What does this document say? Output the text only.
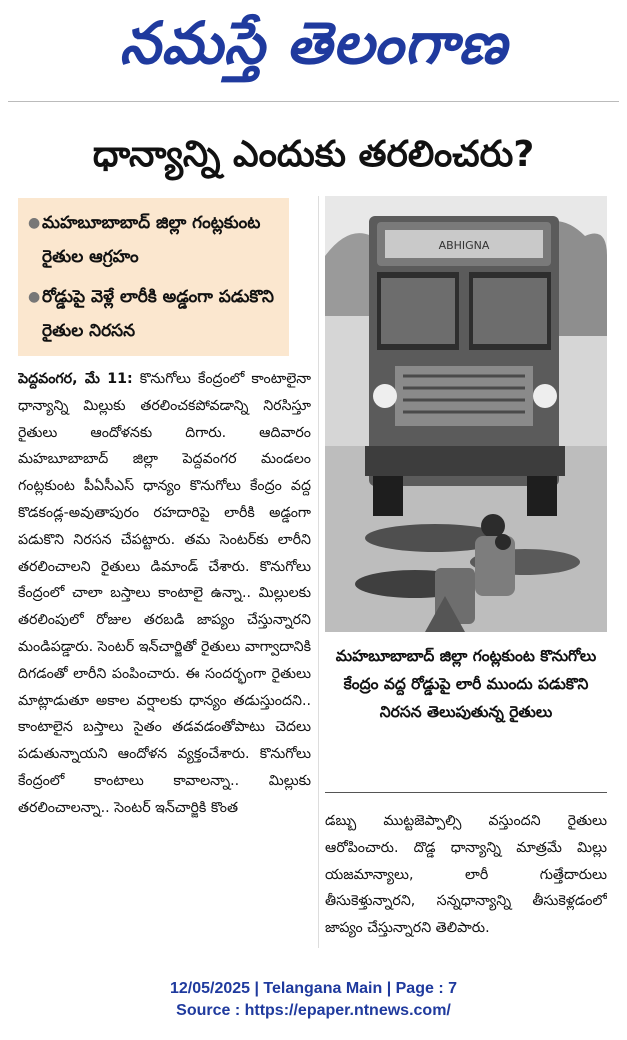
నమస్తే తెలంగాణ
ధాన్యాన్ని ఎందుకు తరలించరు?
● మహబూబాబాద్ జిల్లా గంట్లకుంట రైతుల ఆగ్రహం
● రోడ్డుపై వెళ్లే లారీకి అడ్డంగా పడుకొని రైతుల నిరసన
పెద్దవంగర, మే 11: కొనుగోలు కేంద్రంలో కాంటాలైనా ధాన్యాన్ని మిల్లుకు తరలించకపోవడాన్ని నిరసిస్తూ రైతులు ఆందోళనకు దిగారు. ఆదివారం మహబూబాబాద్ జిల్లా పెద్దవంగర మండలం గంట్లకుంట పీఏసీఎస్ ధాన్యం కొనుగోలు కేంద్రం వద్ద కొడకండ్ల-అవుతాపురం రహదారిపై లారీకి అడ్డంగా పడుకొని నిరసన చేపట్టారు. తమ సెంటర్‌కు లారీని తరలించాలని రైతులు డిమాండ్ చేశారు. కొనుగోలు కేంద్రంలో చాలా బస్తాలు కాంటాలై ఉన్నా.. మిల్లులకు తరలింపులో రోజుల తరబడి జాప్యం చేస్తున్నారని మండిపడ్డారు. సెంటర్ ఇన్‌చార్జితో రైతులు వాగ్వాదానికి దిగడంతో లారీని పంపించారు. ఈ సందర్భంగా రైతులు మాట్లాడుతూ అకాల వర్షాలకు ధాన్యం తడుస్తుందని.. కాంటాలైన బస్తాలు సైతం తడవడంతోపాటు చెదలు పడుతున్నాయని ఆందోళన వ్యక్తంచేశారు. కొనుగోలు కేంద్రంలో కాంటాలు కావాలన్నా.. మిల్లుకు తరలించాలన్నా.. సెంటర్ ఇన్‌చార్జికి కొంత
ABHIGNA
మహబూబాబాద్ జిల్లా గంట్లకుంట కొనుగోలు కేంద్రం వద్ద రోడ్డుపై లారీ ముందు పడుకొని నిరసన తెలుపుతున్న రైతులు
డబ్బు ముట్టజెప్పాల్సి వస్తుందని రైతులు ఆరోపించారు. దొడ్డ ధాన్యాన్ని మాత్రమే మిల్లు యజమాన్యాలు, లారీ గుత్తేదారులు తీసుకెళ్తున్నారని, సన్నధాన్యాన్ని తీసుకెళ్లడంలో జాప్యం చేస్తున్నారని తెలిపారు.
12/05/2025 | Telangana Main | Page : 7
Source : https://epaper.ntnews.com/
